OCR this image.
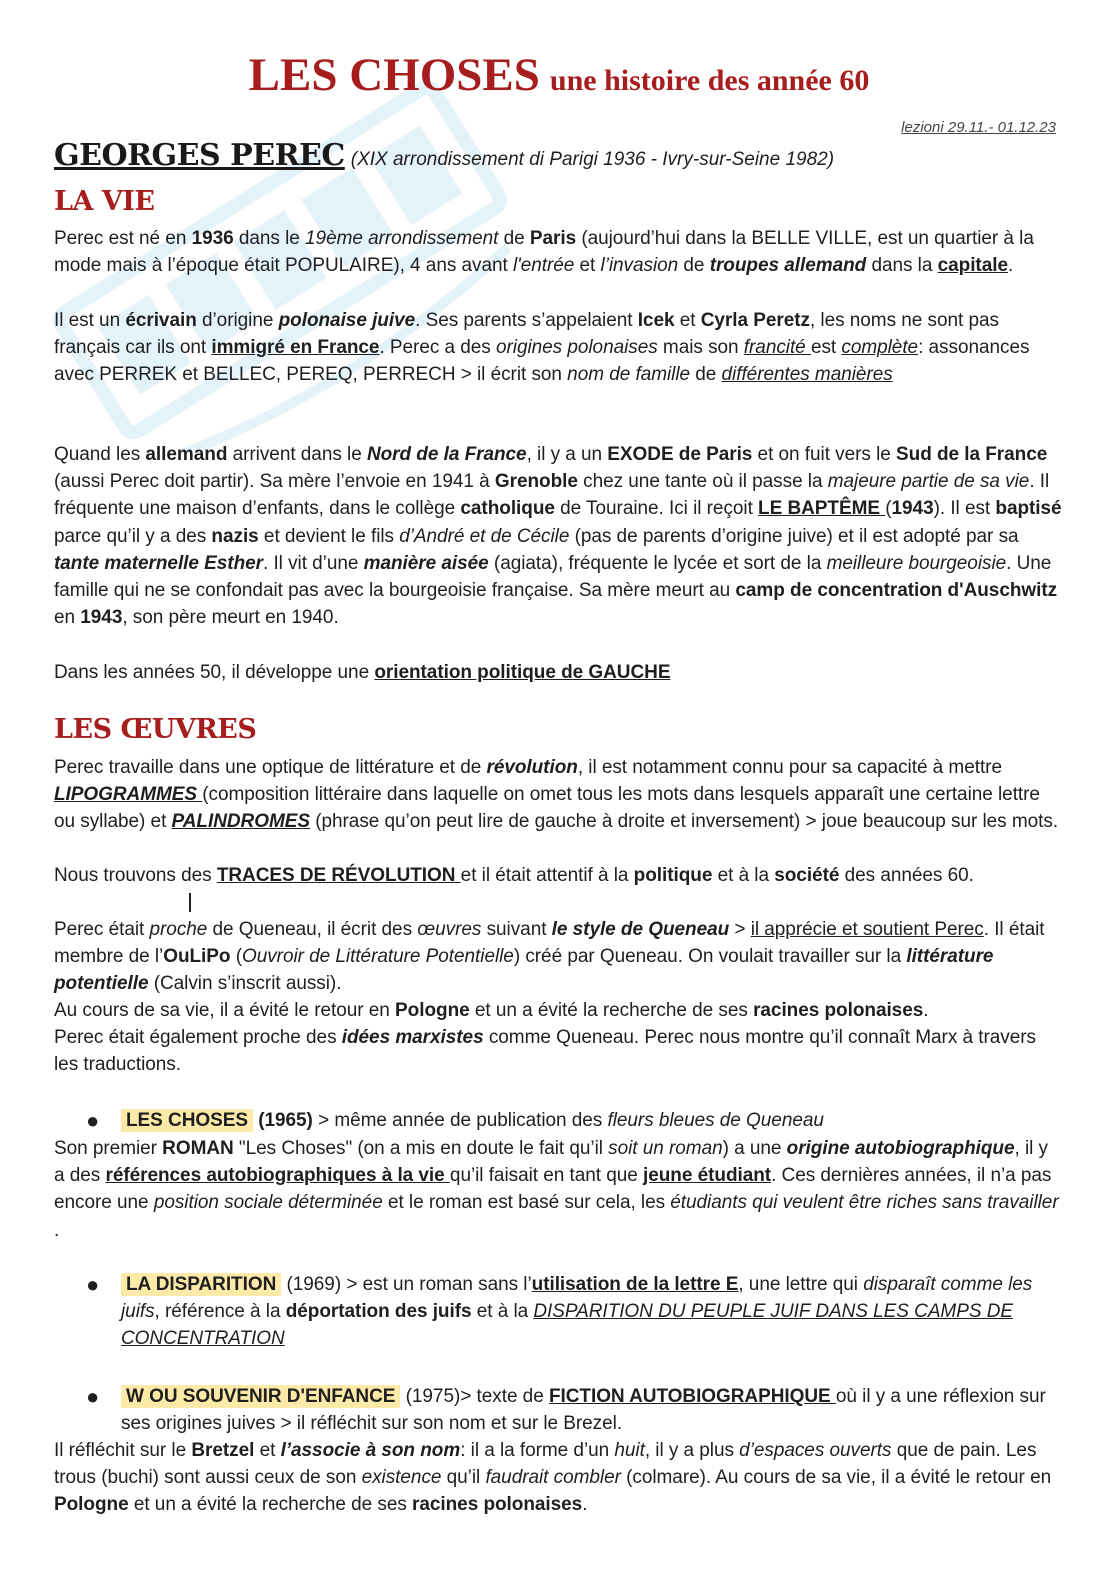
LES CHOSES une histoire des année 60
lezioni 29.11.- 01.12.23
GEORGES PEREC (XIX arrondissement di Parigi 1936 - Ivry-sur-Seine 1982)
LA VIE
Perec est né en 1936 dans le 19ème arrondissement de Paris (aujourd’hui dans la BELLE VILLE, est un quartier à la mode mais à l’époque était POPULAIRE), 4 ans avant l'entrée et l’invasion de troupes allemand dans la capitale.
Il est un écrivain d’origine polonaise juive. Ses parents s’appelaient Icek et Cyrla Peretz, les noms ne sont pas français car ils ont immigré en France. Perec a des origines polonaises mais son francité est complète: assonances avec PERREK et BELLEC, PEREQ, PERRECH > il écrit son nom de famille de différentes manières
Quand les allemand arrivent dans le Nord de la France, il y a un EXODE de Paris et on fuit vers le Sud de la France (aussi Perec doit partir). Sa mère l’envoie en 1941 à Grenoble chez une tante où il passe la majeure partie de sa vie. Il fréquente une maison d’enfants, dans le collège catholique de Touraine. Ici il reçoit LE BAPTÊME (1943). Il est baptisé parce qu’il y a des nazis et devient le fils d’André et de Cécile (pas de parents d’origine juive) et il est adopté par sa tante maternelle Esther. Il vit d’une manière aisée (agiata), fréquente le lycée et sort de la meilleure bourgeoisie. Une famille qui ne se confondait pas avec la bourgeoisie française. Sa mère meurt au camp de concentration d'Auschwitz en 1943, son père meurt en 1940.
Dans les années 50, il développe une orientation politique de GAUCHE
LES ŒUVRES
Perec travaille dans une optique de littérature et de révolution, il est notamment connu pour sa capacité à mettre LIPOGRAMMES (composition littéraire dans laquelle on omet tous les mots dans lesquels apparaît une certaine lettre ou syllabe) et PALINDROMES (phrase qu’on peut lire de gauche à droite et inversement) > joue beaucoup sur les mots.
Nous trouvons des TRACES DE RÉVOLUTION et il était attentif à la politique et à la société des années 60.
Perec était proche de Queneau, il écrit des œuvres suivant le style de Queneau > il apprécie et soutient Perec. Il était membre de l’OuLiPo (Ouvroir de Littérature Potentielle) créé par Queneau. On voulait travailler sur la littérature potentielle (Calvin s’inscrit aussi).
Au cours de sa vie, il a évité le retour en Pologne et un a évité la recherche de ses racines polonaises.
Perec était également proche des idées marxistes comme Queneau. Perec nous montre qu’il connaît Marx à travers les traductions.
● LES CHOSES (1965) > même année de publication des fleurs bleues de Queneau
Son premier ROMAN "Les Choses" (on a mis en doute le fait qu’il soit un roman) a une origine autobiographique, il y a des références autobiographiques à la vie qu’il faisait en tant que jeune étudiant. Ces dernières années, il n’a pas encore une position sociale déterminée et le roman est basé sur cela, les étudiants qui veulent être riches sans travailler .
● LA DISPARITION (1969) > est un roman sans l’utilisation de la lettre E, une lettre qui disparaît comme les juifs, référence à la déportation des juifs et à la DISPARITION DU PEUPLE JUIF DANS LES CAMPS DE CONCENTRATION
● W OU SOUVENIR D'ENFANCE (1975)> texte de FICTION AUTOBIOGRAPHIQUE où il y a une réflexion sur ses origines juives > il réfléchit sur son nom et sur le Brezel.
Il réfléchit sur le Bretzel et l’associe à son nom: il a la forme d’un huit, il y a plus d’espaces ouverts que de pain. Les trous (buchi) sont aussi ceux de son existence qu’il faudrait combler (colmare). Au cours de sa vie, il a évité le retour en Pologne et un a évité la recherche de ses racines polonaises.
